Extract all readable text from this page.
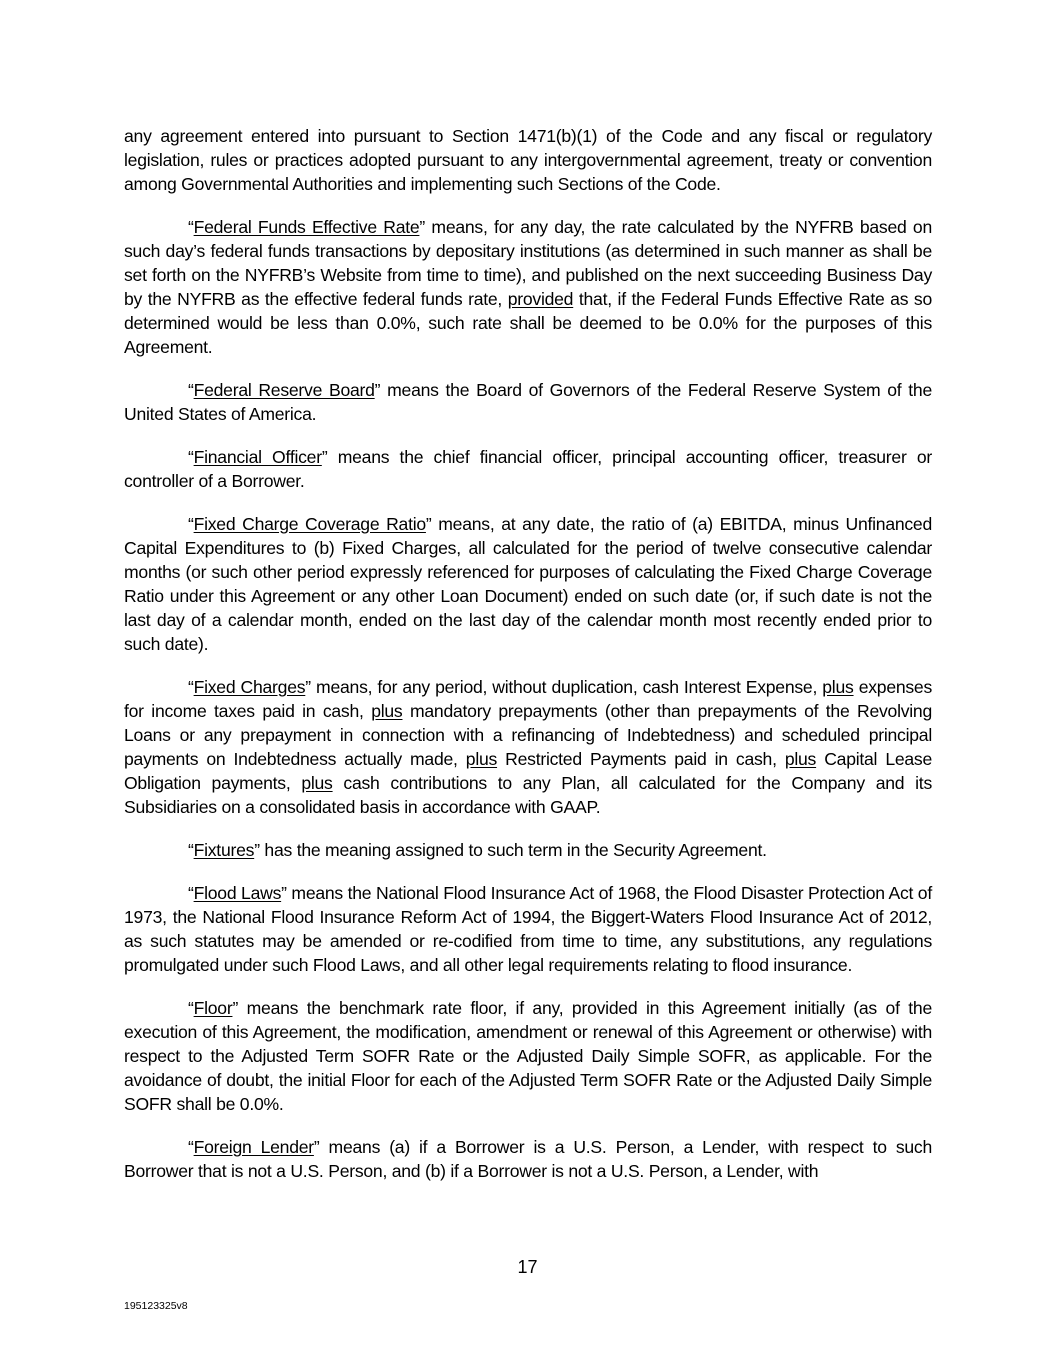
any agreement entered into pursuant to Section 1471(b)(1) of the Code and any fiscal or regulatory legislation, rules or practices adopted pursuant to any intergovernmental agreement, treaty or convention among Governmental Authorities and implementing such Sections of the Code.

“Federal Funds Effective Rate” means, for any day, the rate calculated by the NYFRB based on such day’s federal funds transactions by depositary institutions (as determined in such manner as shall be set forth on the NYFRB’s Website from time to time), and published on the next succeeding Business Day by the NYFRB as the effective federal funds rate, provided that, if the Federal Funds Effective Rate as so determined would be less than 0.0%, such rate shall be deemed to be 0.0% for the purposes of this Agreement.

“Federal Reserve Board” means the Board of Governors of the Federal Reserve System of the United States of America.

“Financial Officer” means the chief financial officer, principal accounting officer, treasurer or controller of a Borrower.

“Fixed Charge Coverage Ratio” means, at any date, the ratio of (a) EBITDA, minus Unfinanced Capital Expenditures to (b) Fixed Charges, all calculated for the period of twelve consecutive calendar months (or such other period expressly referenced for purposes of calculating the Fixed Charge Coverage Ratio under this Agreement or any other Loan Document) ended on such date (or, if such date is not the last day of a calendar month, ended on the last day of the calendar month most recently ended prior to such date).

“Fixed Charges” means, for any period, without duplication, cash Interest Expense, plus expenses for income taxes paid in cash, plus mandatory prepayments (other than prepayments of the Revolving Loans or any prepayment in connection with a refinancing of Indebtedness) and scheduled principal payments on Indebtedness actually made, plus Restricted Payments paid in cash, plus Capital Lease Obligation payments, plus cash contributions to any Plan, all calculated for the Company and its Subsidiaries on a consolidated basis in accordance with GAAP.

“Fixtures” has the meaning assigned to such term in the Security Agreement.

“Flood Laws” means the National Flood Insurance Act of 1968, the Flood Disaster Protection Act of 1973, the National Flood Insurance Reform Act of 1994, the Biggert-Waters Flood Insurance Act of 2012, as such statutes may be amended or re-codified from time to time, any substitutions, any regulations promulgated under such Flood Laws, and all other legal requirements relating to flood insurance.

“Floor” means the benchmark rate floor, if any, provided in this Agreement initially (as of the execution of this Agreement, the modification, amendment or renewal of this Agreement or otherwise) with respect to the Adjusted Term SOFR Rate or the Adjusted Daily Simple SOFR, as applicable. For the avoidance of doubt, the initial Floor for each of the Adjusted Term SOFR Rate or the Adjusted Daily Simple SOFR shall be 0.0%.

“Foreign Lender” means (a) if a Borrower is a U.S. Person, a Lender, with respect to such Borrower that is not a U.S. Person, and (b) if a Borrower is not a U.S. Person, a Lender, with

17
195123325v8
